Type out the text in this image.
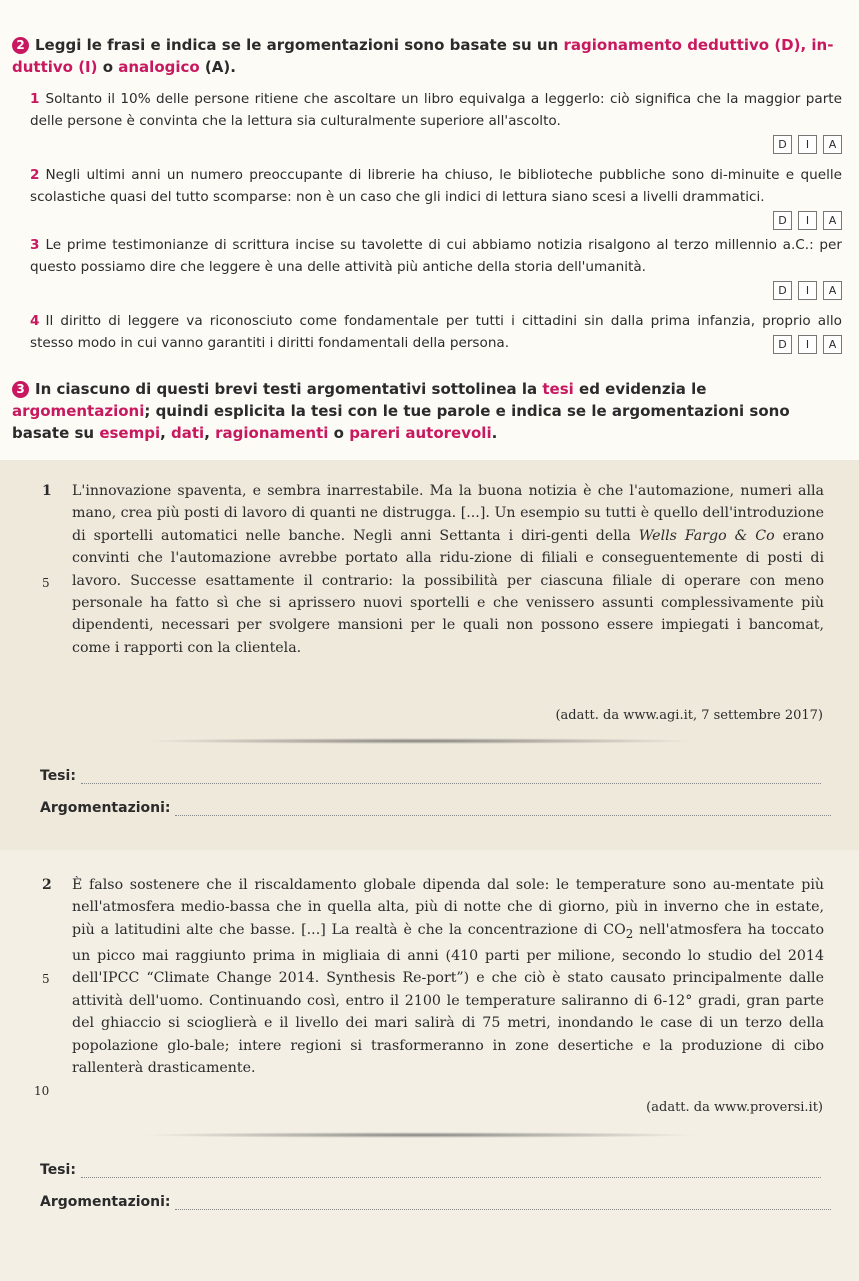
2 Leggi le frasi e indica se le argomentazioni sono basate su un ragionamento deduttivo (D), in-duttivo (I) o analogico (A).
1 Soltanto il 10% delle persone ritiene che ascoltare un libro equivalga a leggerlo: ciò significa che la maggior parte delle persone è convinta che la lettura sia culturalmente superiore all'ascolto.
D	I	A
2 Negli ultimi anni un numero preoccupante di librerie ha chiuso, le biblioteche pubbliche sono di-minuite e quelle scolastiche quasi del tutto scomparse: non è un caso che gli indici di lettura siano scesi a livelli drammatici.
D	I	A
3 Le prime testimonianze di scrittura incise su tavolette di cui abbiamo notizia risalgono al terzo millennio a.C.: per questo possiamo dire che leggere è una delle attività più antiche della storia dell'umanità.
D	I	A
4 Il diritto di leggere va riconosciuto come fondamentale per tutti i cittadini sin dalla prima infanzia, proprio allo stesso modo in cui vanno garantiti i diritti fondamentali della persona.	D	I	A
3 In ciascuno di questi brevi testi argomentativi sottolinea la tesi ed evidenzia le argomentazioni; quindi esplicita la tesi con le tue parole e indica se le argomentazioni sono basate su esempi, dati, ragionamenti o pareri autorevoli.
1
5
L'innovazione spaventa, e sembra inarrestabile. Ma la buona notizia è che l'automazione, numeri alla mano, crea più posti di lavoro di quanti ne distrugga. [...]. Un esempio su tutti è quello dell'introduzione di sportelli automatici nelle banche. Negli anni Settanta i diri-genti della Wells Fargo & Co erano convinti che l'automazione avrebbe portato alla ridu-zione di filiali e conseguentemente di posti di lavoro. Successe esattamente il contrario: la possibilità per ciascuna filiale di operare con meno personale ha fatto sì che si aprissero nuovi sportelli e che venissero assunti complessivamente più dipendenti, necessari per svolgere mansioni per le quali non possono essere impiegati i bancomat, come i rapporti con la clientela.
(adatt. da www.agi.it, 7 settembre 2017)
Tesi:
Argomentazioni:
2
5
10
È falso sostenere che il riscaldamento globale dipenda dal sole: le temperature sono au-mentate più nell'atmosfera medio-bassa che in quella alta, più di notte che di giorno, più in inverno che in estate, più a latitudini alte che basse. [...] La realtà è che la concentrazione di $CO_2$ nell'atmosfera ha toccato un picco mai raggiunto prima in migliaia di anni (410 parti per milione, secondo lo studio del 2014 dell'IPCC “Climate Change 2014. Synthesis Re-port”) e che ciò è stato causato principalmente dalle attività dell'uomo. Continuando così, entro il 2100 le temperature saliranno di 6-12° gradi, gran parte del ghiaccio si scioglierà e il livello dei mari salirà di 75 metri, inondando le case di un terzo della popolazione glo-bale; intere regioni si trasformeranno in zone desertiche e la produzione di cibo rallenterà drasticamente.
(adatt. da www.proversi.it)
Tesi:
Argomentazioni:
